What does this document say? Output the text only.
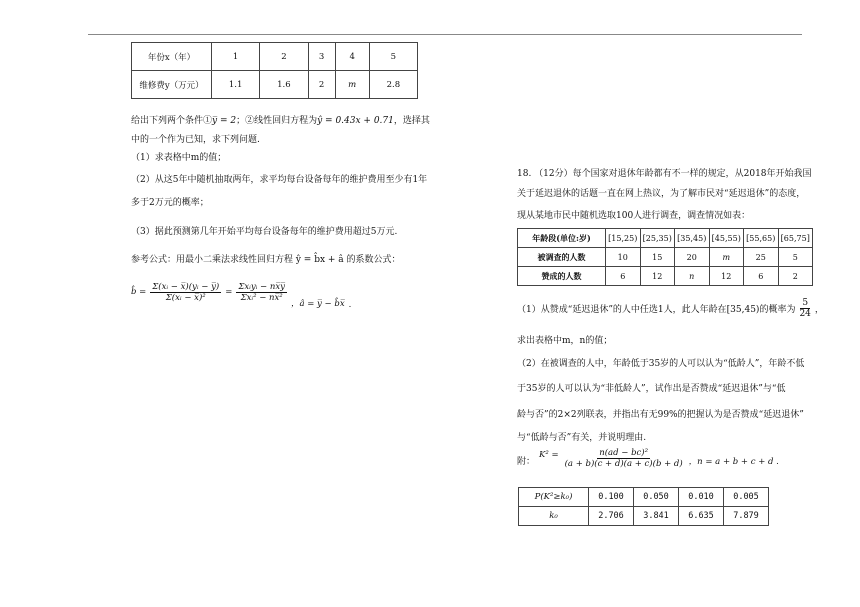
年份x（年）	1	2	3	4	5
维修费y（万元）	1.1	1.6	2	m	2.8
给出下列两个条件①y̅ = 2；②线性回归方程为ŷ = 0.43x + 0.71，选择其
中的一个作为已知，求下列问题.
（1）求表格中m的值；
（2）从这5年中随机抽取两年，求平均每台设备每年的维护费用至少有1年
多于2万元的概率；
（3）据此预测第几年开始平均每台设备每年的维护费用超过5万元.
参考公式：用最小二乘法求线性回归方程 ŷ = b̂x + â 的系数公式：
b̂ = $\frac{\text{Σ(xᵢ − x̅)(yᵢ − y̅)}}{\text{Σ(xᵢ − x̅)²}} = \frac{\text{Σxᵢyᵢ − nx̅y̅}}{\text{Σxᵢ² − nx̅²}}$
，â = y̅ − b̂x̅ .
18. （12分）每个国家对退休年龄都有不一样的规定，从2018年开始我国
关于延迟退休的话题一直在网上热议，为了解市民对“延迟退休”的态度，
现从某地市民中随机选取100人进行调查，调查情况如表：
年龄段(单位:岁)	[15,25)	[25,35)	[35,45)	[45,55)	[55,65)	[65,75]
被调查的人数	10	15	20	m	25	5
赞成的人数	6	12	n	12	6	2
（1）从赞成“延迟退休”的人中任选1人，此人年龄在[35,45)的概率为 $\frac{5}{24}$ ，
求出表格中m，n的值；
（2）在被调查的人中，年龄低于35岁的人可以认为“低龄人”，年龄不低
于35岁的人可以认为“非低龄人”，试作出是否赞成“延迟退休”与“低
龄与否”的2×2列联表，并指出有无99%的把握认为是否赞成“延迟退休”
与“低龄与否”有关，并说明理由.
附：
$K^2 = \frac{\text{n(ad − bc)²}}{(a + b)(c + d)(a + c)(b + d)}$ ，n = a + b + c + d .
P(K²≥k₀)	0.100	0.050	0.010	0.005
k₀	2.706	3.841	6.635	7.879
